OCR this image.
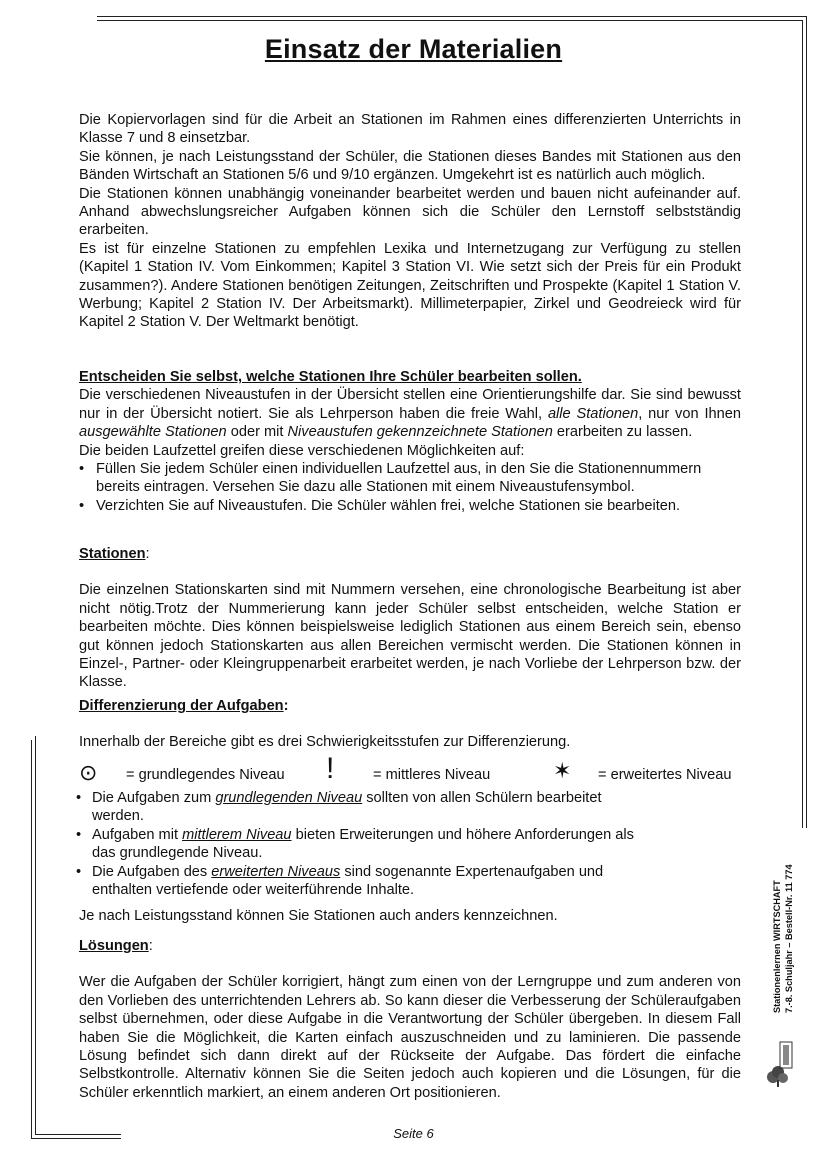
Einsatz der Materialien

Die Kopiervorlagen sind für die Arbeit an Stationen im Rahmen eines differenzierten Unterrichts in Klasse 7 und 8 einsetzbar.

Sie können, je nach Leistungsstand der Schüler, die Stationen dieses Bandes mit Stationen aus den Bänden Wirtschaft an Stationen 5/6 und 9/10 ergänzen. Umgekehrt ist es natürlich auch möglich.

Die Stationen können unabhängig voneinander bearbeitet werden und bauen nicht aufeinander auf. Anhand abwechslungsreicher Aufgaben können sich die Schüler den Lernstoff selbstständig erarbeiten.

Es ist für einzelne Stationen zu empfehlen Lexika und Internetzugang zur Verfügung zu stellen (Kapitel 1 Station IV. Vom Einkommen; Kapitel 3 Station VI. Wie setzt sich der Preis für ein Produkt zusammen?). Andere Stationen benötigen Zeitungen, Zeitschriften und Prospekte (Kapitel 1 Station V. Werbung; Kapitel 2 Station IV. Der Arbeitsmarkt). Millimeterpapier, Zirkel und Geodreieck wird für Kapitel 2 Station V. Der Weltmarkt benötigt.

Entscheiden Sie selbst, welche Stationen Ihre Schüler bearbeiten sollen.

Die verschiedenen Niveaustufen in der Übersicht stellen eine Orientierungshilfe dar. Sie sind bewusst nur in der Übersicht notiert. Sie als Lehrperson haben die freie Wahl, alle Stationen, nur von Ihnen ausgewählte Stationen oder mit Niveaustufen gekennzeichnete Stationen erarbeiten zu lassen.

Die beiden Laufzettel greifen diese verschiedenen Möglichkeiten auf:

• Füllen Sie jedem Schüler einen individuellen Laufzettel aus, in den Sie die Stationennummern bereits eintragen. Versehen Sie dazu alle Stationen mit einem Niveaustufensymbol.
• Verzichten Sie auf Niveaustufen. Die Schüler wählen frei, welche Stationen sie bearbeiten.

Stationen:

Die einzelnen Stationskarten sind mit Nummern versehen, eine chronologische Bearbeitung ist aber nicht nötig.Trotz der Nummerierung kann jeder Schüler selbst entscheiden, welche Station er bearbeiten möchte. Dies können beispielsweise lediglich Stationen aus einem Bereich sein, ebenso gut können jedoch Stationskarten aus allen Bereichen vermischt werden. Die Stationen können in Einzel-, Partner- oder Kleingruppenarbeit erarbeitet werden, je nach Vorliebe der Lehrperson bzw. der Klasse.

Differenzierung der Aufgaben:

Innerhalb der Bereiche gibt es drei Schwierigkeitsstufen zur Differenzierung.

⊙ = grundlegendes Niveau !	= mittleres Niveau	✶ = erweitertes Niveau
• Die Aufgaben zum grundlegenden Niveau sollten von allen Schülern bearbeitet werden.
• Aufgaben mit mittlerem Niveau bieten Erweiterungen und höhere Anforderungen als das grundlegende Niveau.
• Die Aufgaben des erweiterten Niveaus sind sogenannte Expertenaufgaben und enthalten vertiefende oder weiterführende Inhalte.

Je nach Leistungsstand können Sie Stationen auch anders kennzeichnen.

Lösungen:

Wer die Aufgaben der Schüler korrigiert, hängt zum einen von der Lerngruppe und zum anderen von den Vorlieben des unterrichtenden Lehrers ab. So kann dieser die Verbesserung der Schüleraufgaben selbst übernehmen, oder diese Aufgabe in die Verantwortung der Schüler übergeben. In diesem Fall haben Sie die Möglichkeit, die Karten einfach auszuschneiden und zu laminieren. Die passende Lösung befindet sich dann direkt auf der Rückseite der Aufgabe. Das fördert die einfache Selbstkontrolle. Alternativ können Sie die Seiten jedoch auch kopieren und die Lösungen, für die Schüler erkenntlich markiert, an einem anderen Ort positionieren.

Stationenlernen WIRTSCHAFT 7.-8. Schuljahr – Bestell-Nr. 11 774
Seite 6
